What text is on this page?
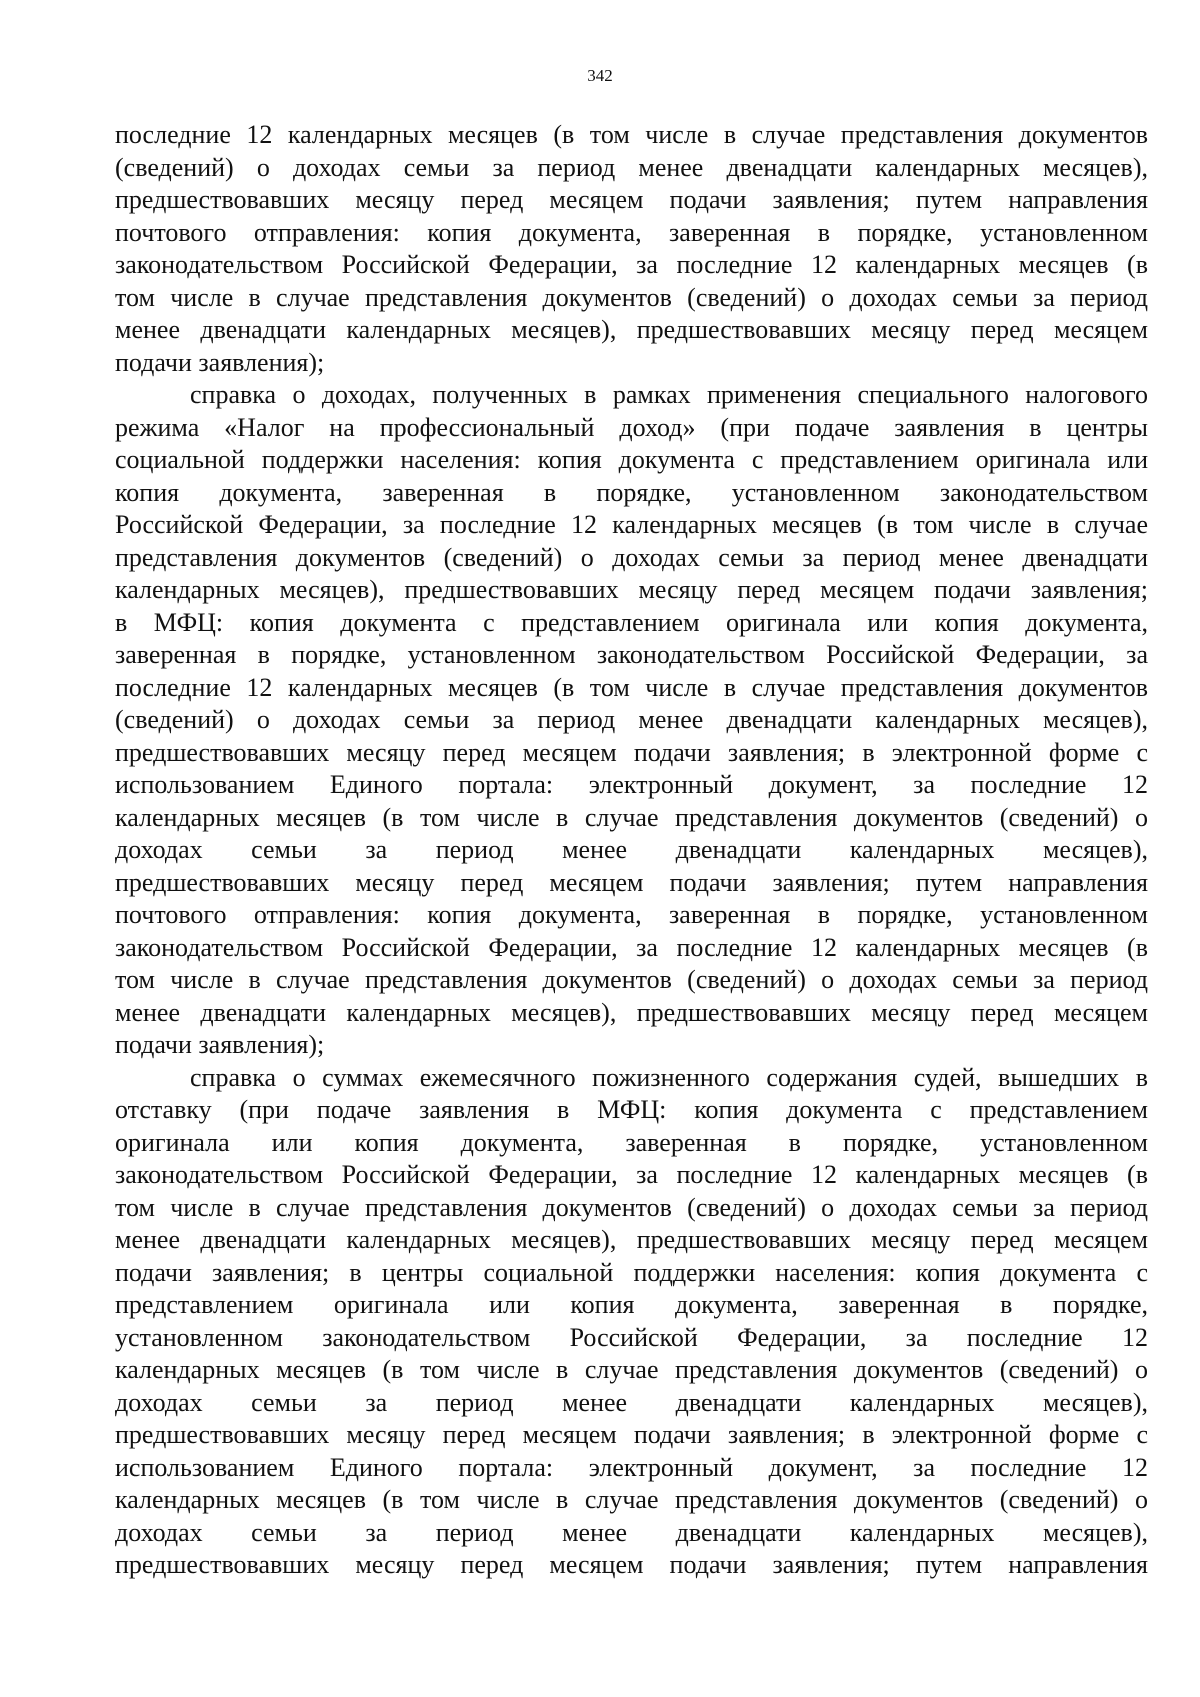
342
последние 12 календарных месяцев (в том числе в случае представления документов
(сведений) о доходах семьи за период менее двенадцати календарных месяцев),
предшествовавших месяцу перед месяцем подачи заявления; путем направления
почтового отправления: копия документа, заверенная в порядке, установленном
законодательством Российской Федерации, за последние 12 календарных месяцев (в
том числе в случае представления документов (сведений) о доходах семьи за период
менее двенадцати календарных месяцев), предшествовавших месяцу перед месяцем
подачи заявления);
справка о доходах, полученных в рамках применения специального налогового
режима «Налог на профессиональный доход» (при подаче заявления в центры
социальной поддержки населения: копия документа с представлением оригинала или
копия документа, заверенная в порядке, установленном законодательством
Российской Федерации, за последние 12 календарных месяцев (в том числе в случае
представления документов (сведений) о доходах семьи за период менее двенадцати
календарных месяцев), предшествовавших месяцу перед месяцем подачи заявления;
в МФЦ: копия документа с представлением оригинала или копия документа,
заверенная в порядке, установленном законодательством Российской Федерации, за
последние 12 календарных месяцев (в том числе в случае представления документов
(сведений) о доходах семьи за период менее двенадцати календарных месяцев),
предшествовавших месяцу перед месяцем подачи заявления; в электронной форме с
использованием Единого портала: электронный документ, за последние 12
календарных месяцев (в том числе в случае представления документов (сведений) о
доходах семьи за период менее двенадцати календарных месяцев),
предшествовавших месяцу перед месяцем подачи заявления; путем направления
почтового отправления: копия документа, заверенная в порядке, установленном
законодательством Российской Федерации, за последние 12 календарных месяцев (в
том числе в случае представления документов (сведений) о доходах семьи за период
менее двенадцати календарных месяцев), предшествовавших месяцу перед месяцем
подачи заявления);
справка о суммах ежемесячного пожизненного содержания судей, вышедших в
отставку (при подаче заявления в МФЦ: копия документа с представлением
оригинала или копия документа, заверенная в порядке, установленном
законодательством Российской Федерации, за последние 12 календарных месяцев (в
том числе в случае представления документов (сведений) о доходах семьи за период
менее двенадцати календарных месяцев), предшествовавших месяцу перед месяцем
подачи заявления; в центры социальной поддержки населения: копия документа с
представлением оригинала или копия документа, заверенная в порядке,
установленном законодательством Российской Федерации, за последние 12
календарных месяцев (в том числе в случае представления документов (сведений) о
доходах семьи за период менее двенадцати календарных месяцев),
предшествовавших месяцу перед месяцем подачи заявления; в электронной форме с
использованием Единого портала: электронный документ, за последние 12
календарных месяцев (в том числе в случае представления документов (сведений) о
доходах семьи за период менее двенадцати календарных месяцев),
предшествовавших месяцу перед месяцем подачи заявления; путем направления
